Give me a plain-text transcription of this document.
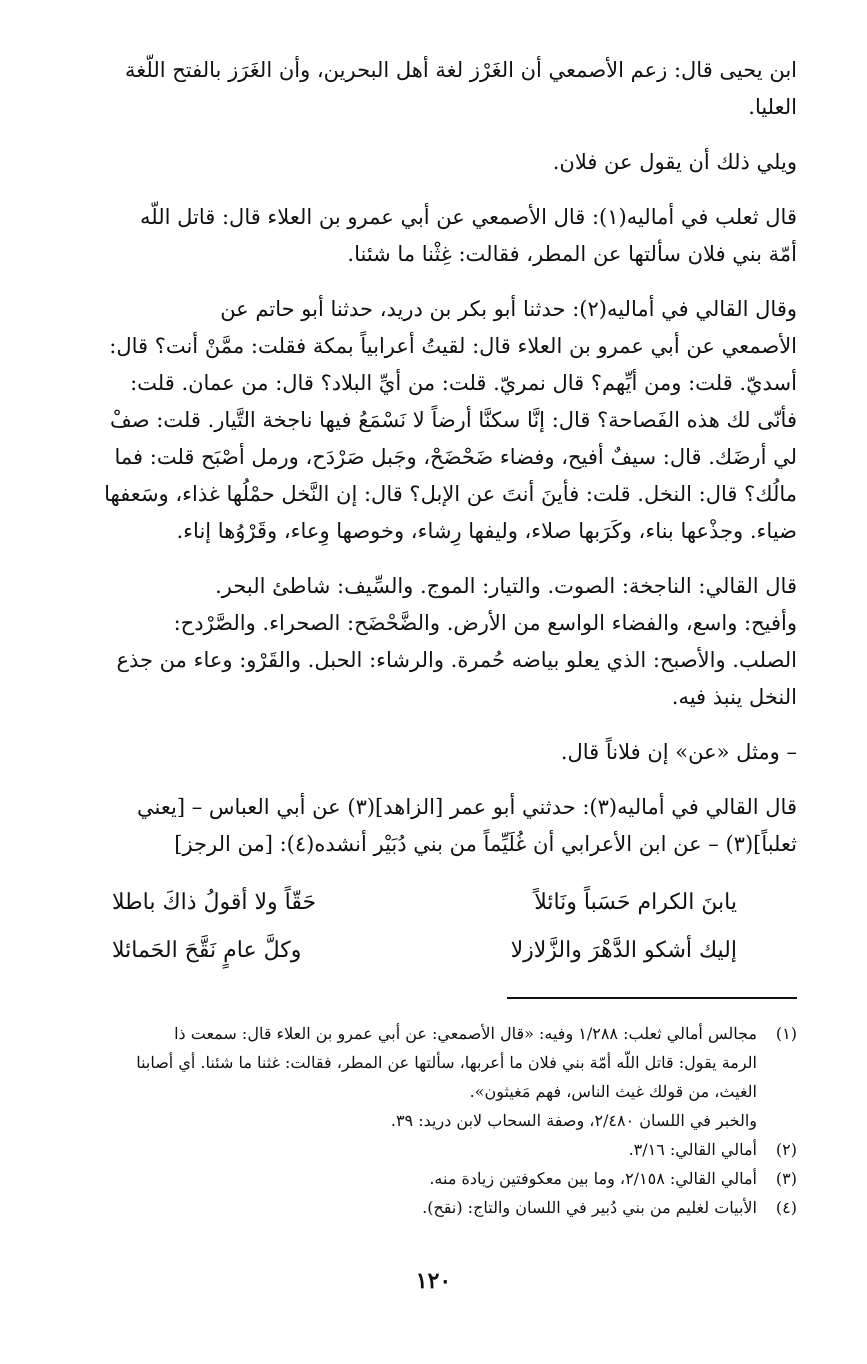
ابن يحيى قال: زعم الأصمعي أن الغَرْز لغة أهل البحرين، وأن الغَرَز بالفتح اللّغة
العليا.

ويلي ذلك أن يقول عن فلان.

قال ثعلب في أماليه(١): قال الأصمعي عن أبي عمرو بن العلاء قال: قاتل اللّه
أمّة بني فلان سألتها عن المطر، فقالت: غِثْنا ما شئنا.

وقال القالي في أماليه(٢): حدثنا أبو بكر بن دريد، حدثنا أبو حاتم عن
الأصمعي عن أبي عمرو بن العلاء قال: لقيتُ أعرابياً بمكة فقلت: ممَّنْ أنت؟ قال:
أسديّ. قلت: ومن أيِّهم؟ قال نمريّ. قلت: من أيِّ البلاد؟ قال: من عمان. قلت:
فأنّى لك هذه الفَصاحة؟ قال: إنَّا سكنَّا أرضاً لا نَسْمَعُ فيها ناجخة التَّيار. قلت: صفْ
لي أرضَك. قال: سيفٌ أفيح، وفضاء ضَحْضَحْ، وجَبل صَرْدَح، ورمل أصْبَح قلت: فما
مالُك؟ قال: النخل. قلت: فأينَ أنتَ عن الإبل؟ قال: إن النَّخل حمْلُها غذاء، وسَعفها
ضياء. وجذْعها بناء، وكَرَبها صلاء، وليفها رِشاء، وخوصها وِعاء، وقَرْوُها إناء.

قال القالي: الناجخة: الصوت. والتيار: الموج. والسِّيف: شاطئ البحر.
وأفيح: واسع، والفضاء الواسع من الأرض. والضَّحْضَح: الصحراء. والصَّرْدح:
الصلب. والأصبح: الذي يعلو بياضه حُمرة. والرشاء: الحبل. والقَرْو: وعاء من جذع
النخل ينبذ فيه.

– ومثل «عن» إن فلاناً قال.

قال القالي في أماليه(٣): حدثني أبو عمر [الزاهد](٣) عن أبي العباس – [يعني
ثعلباً](٣) – عن ابن الأعرابي أن غُلَيِّماً من بني دُبَيْر أنشده(٤): [من الرجز]

يابنَ الكرام حَسَباً ونَائلاً
حَقّاً ولا أقولُ ذاكَ باطلا
إليك أشكو الدَّهْرَ والزَّلازلا
وكلَّ عامٍ نَقَّحَ الحَمائلا

(١)مجالس أمالي ثعلب: ١/٢٨٨ وفيه: «قال الأصمعي: عن أبي عمرو بن العلاء قال: سمعت ذا

الرمة يقول: قاتل اللّه أمّة بني فلان ما أعربها، سألتها عن المطر، فقالت: غثنا ما شئنا. أي أصابنا

الغيث، من قولك غيث الناس، فهم مَغيثون».

والخبر في اللسان ٢/٤٨٠، وصفة السحاب لابن دريد: ٣٩.

(٢)أمالي القالي: ٣/١٦.

(٣)أمالي القالي: ٢/١٥٨، وما بين معكوفتين زيادة منه.

(٤)الأبيات لغليم من بني دُبير في اللسان والتاج: (نقح).

١٢٠
